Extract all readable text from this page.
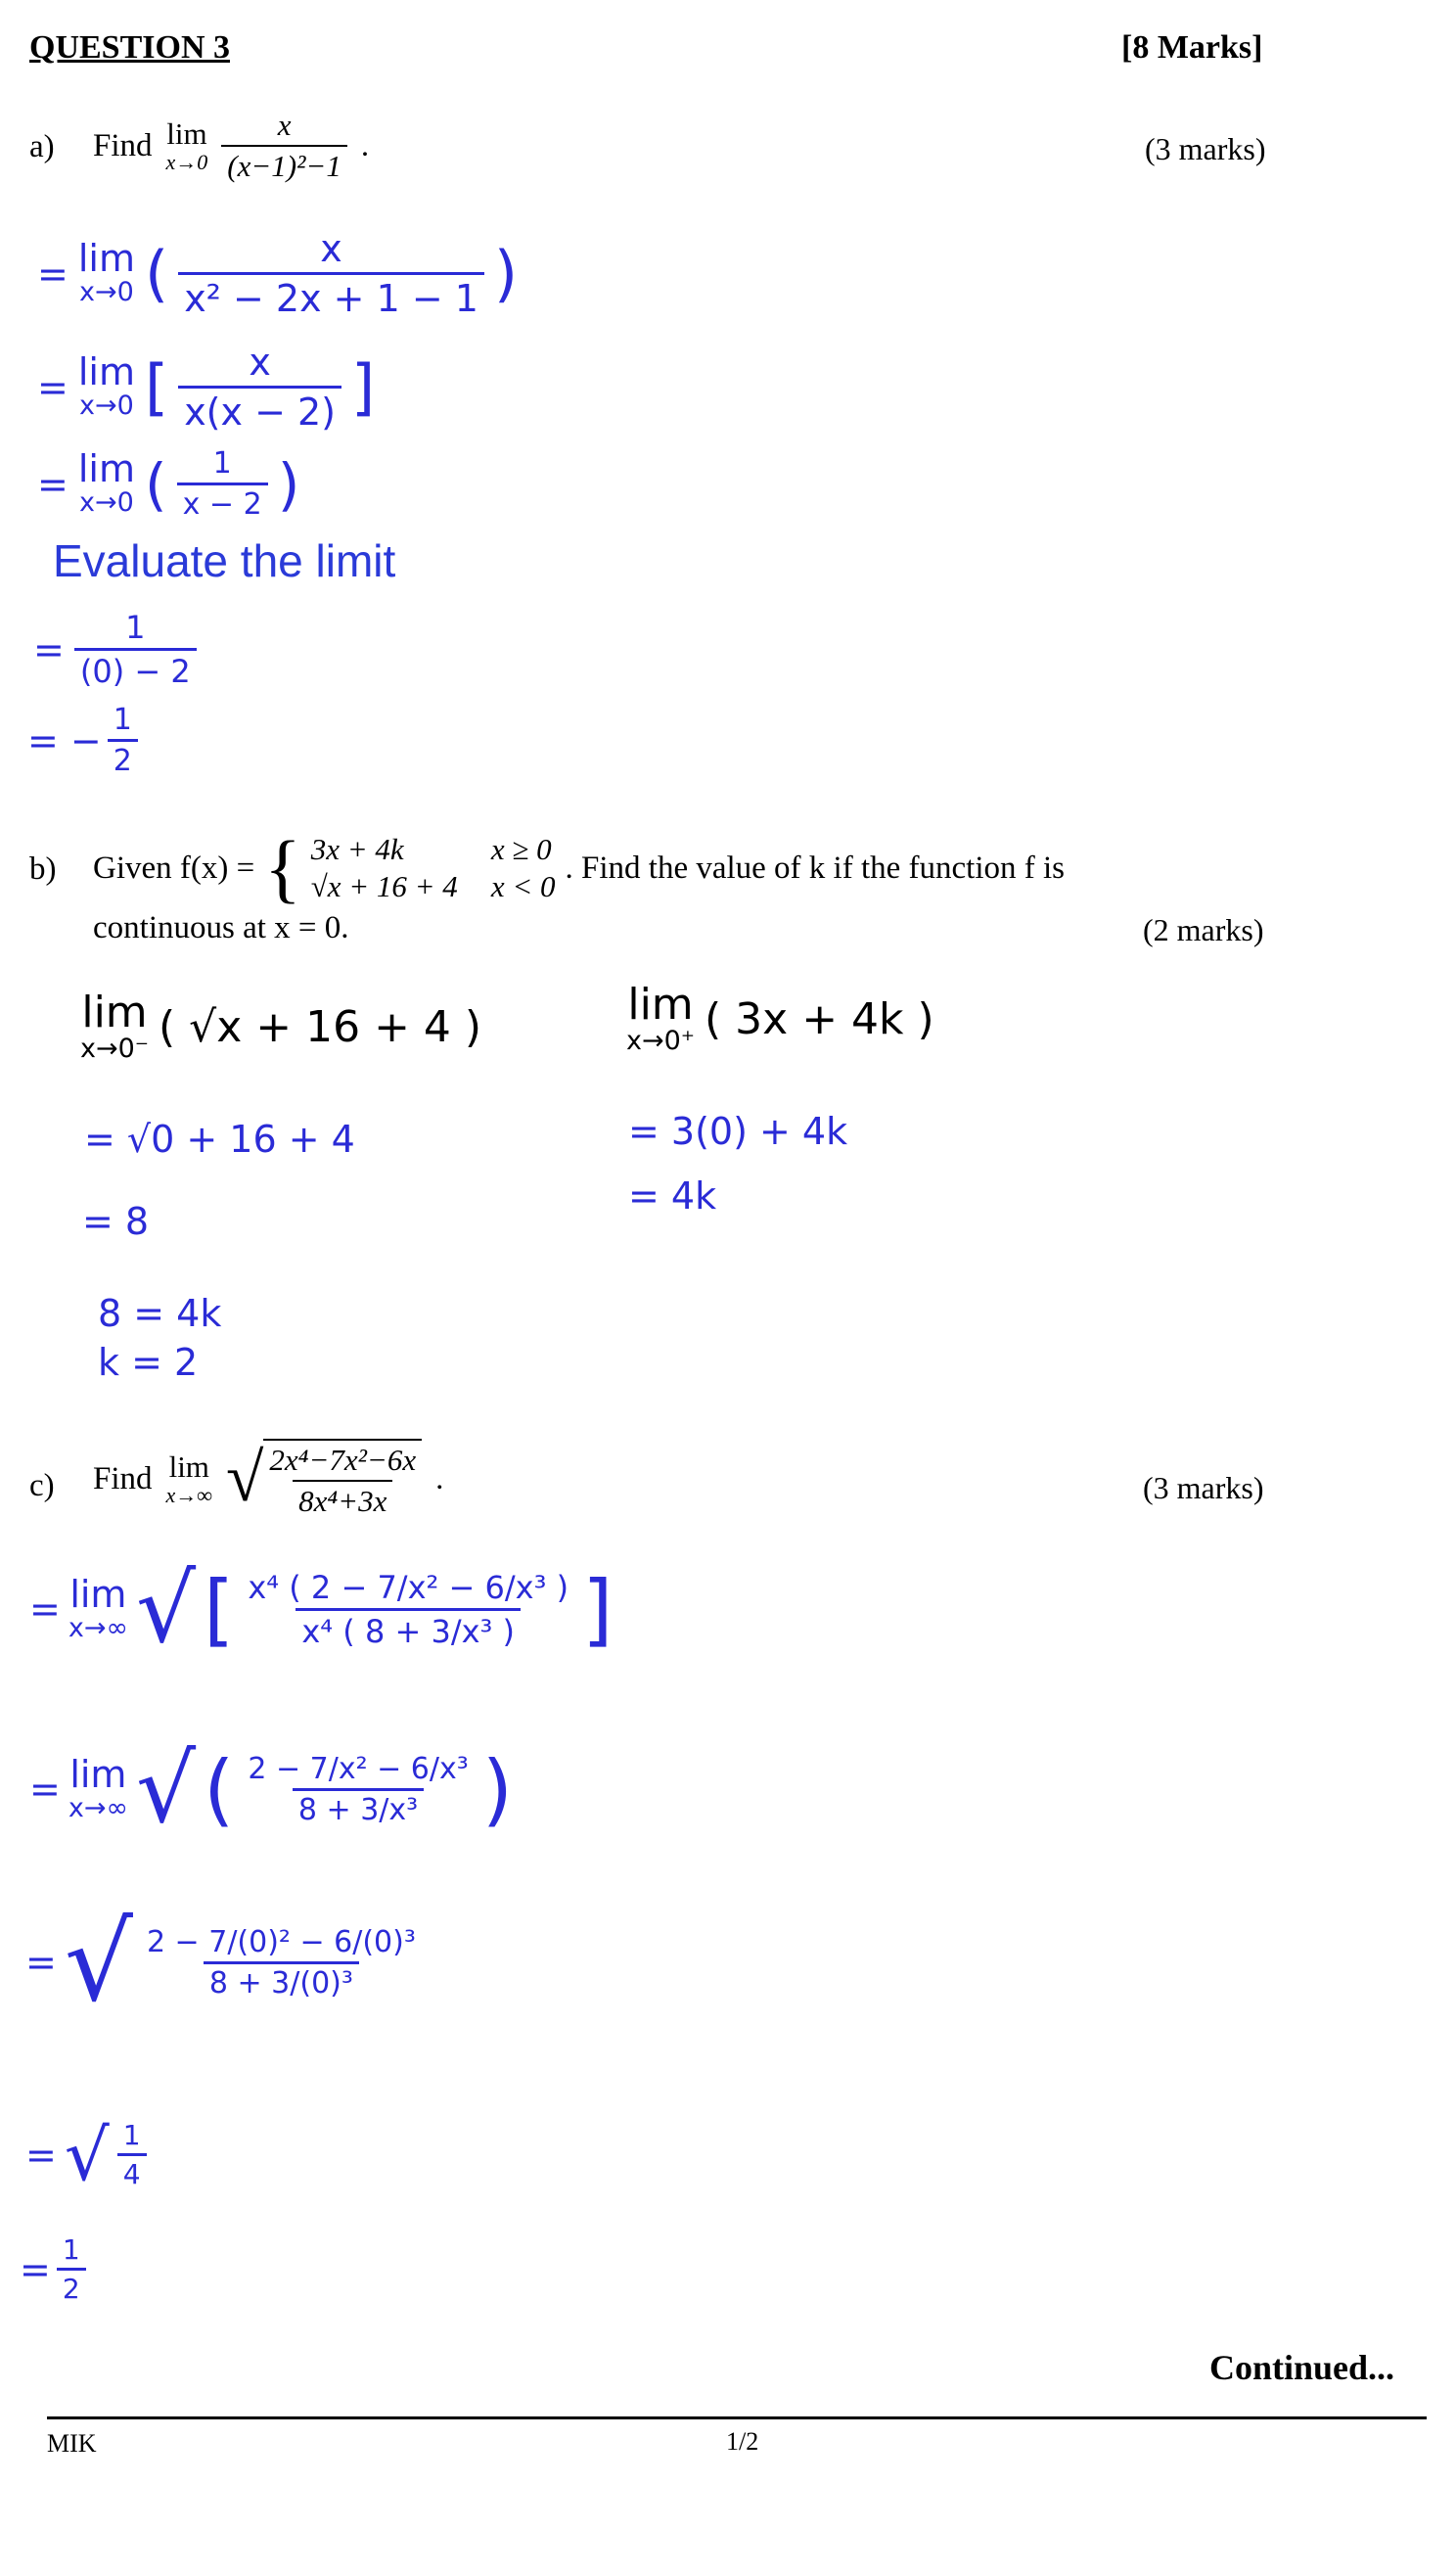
QUESTION 3	[8 Marks]
a) Find lim
$x\to 0 \frac{x}{\text{(x−1)²−1}}$ .	(3 marks)
= lim
x→0 ( $\frac{x}{\text{x² − 2x + 1 − 1}}$ )
= lim
x→0 [ $\frac{x}{x(x - 2)}$ ]
= lim
x→0 ( $\frac{1}{x - 2}$ )
Evaluate the limit
= $\frac{1}{(0) - 2}$
= − $\frac{1}{2}$
b) Given f(x) = { 3x + 4k	x ≥ 0
√x + 16 + 4 x < 0
. Find the value of k if the function f is
continuous at x = 0.	(2 marks)
lim
x→0⁻ ( √x + 16 + 4 )
= √0 + 16 + 4
= 8
lim
x→0⁺ ( 3x + 4k )
= 3(0) + 4k
= 4k
8 = 4k
k = 2
c) Find lim
x→∞ √ $\frac{\text{2x⁴−7x²−6x}}{\text{8x⁴+3x}}$ .	(3 marks)
= lim
x→∞ √ [ $\frac{\text{x⁴ ( 2 − 7/x² − 6/x³ )}}{\text{x⁴ ( 8 + 3/x³ )}}$ ]
= lim
x→∞ √ ( $\frac{\text{2 − 7/x² − 6/x³}}{\text{8 + 3/x³}}$ )
= √ $\frac{\text{2 − 7/(0)² − 6/(0)³}}{\text{8 + 3/(0)³}}$
= √ $\frac{1}{4}$
= $\frac{1}{2}$
Continued...
MIK	1/2
